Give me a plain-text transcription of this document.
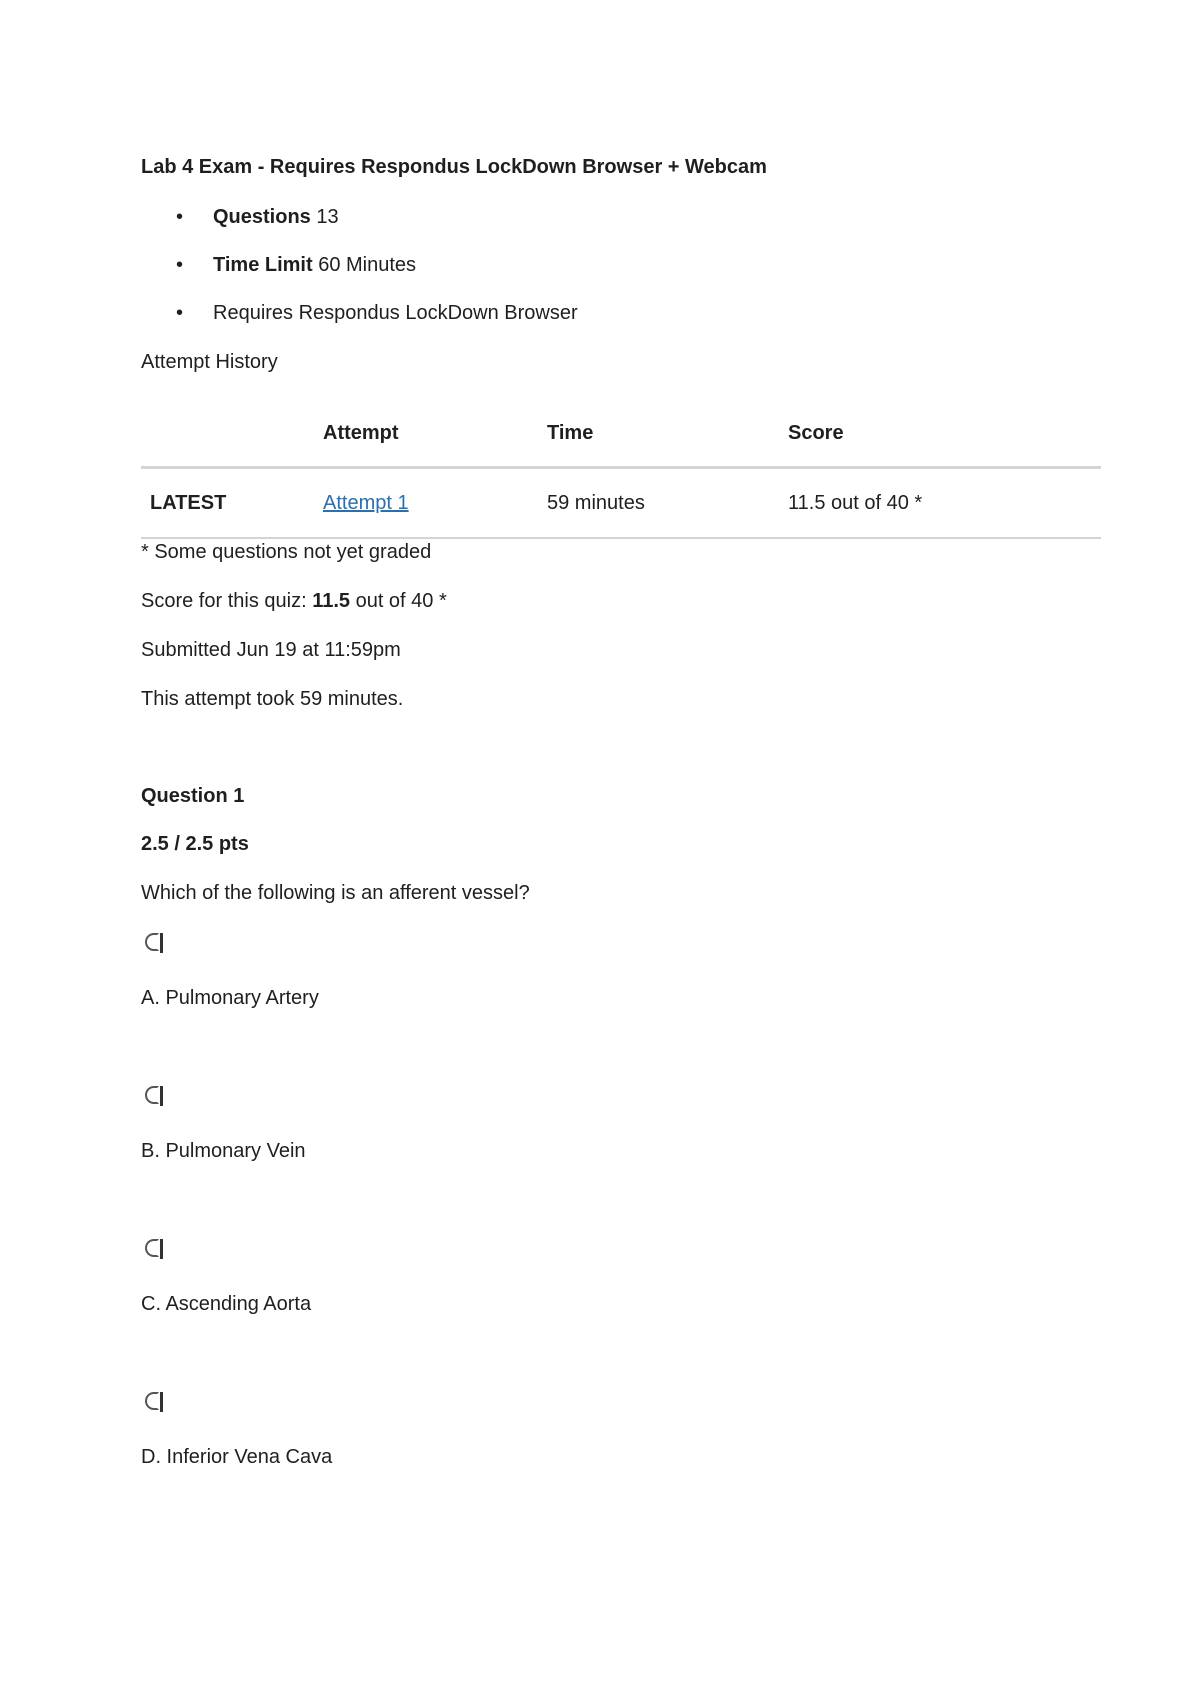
Lab 4 Exam - Requires Respondus LockDown Browser + Webcam
• Questions 13
• Time Limit 60 Minutes
• Requires Respondus LockDown Browser
Attempt History
	Attempt	Time	Score
LATEST	Attempt 1	59 minutes	11.5 out of 40 *
* Some questions not yet graded
Score for this quiz: 11.5 out of 40 *
Submitted Jun 19 at 11:59pm
This attempt took 59 minutes.
Question 1
2.5 / 2.5 pts
Which of the following is an afferent vessel?
A. Pulmonary Artery
B. Pulmonary Vein
C. Ascending Aorta
D. Inferior Vena Cava
